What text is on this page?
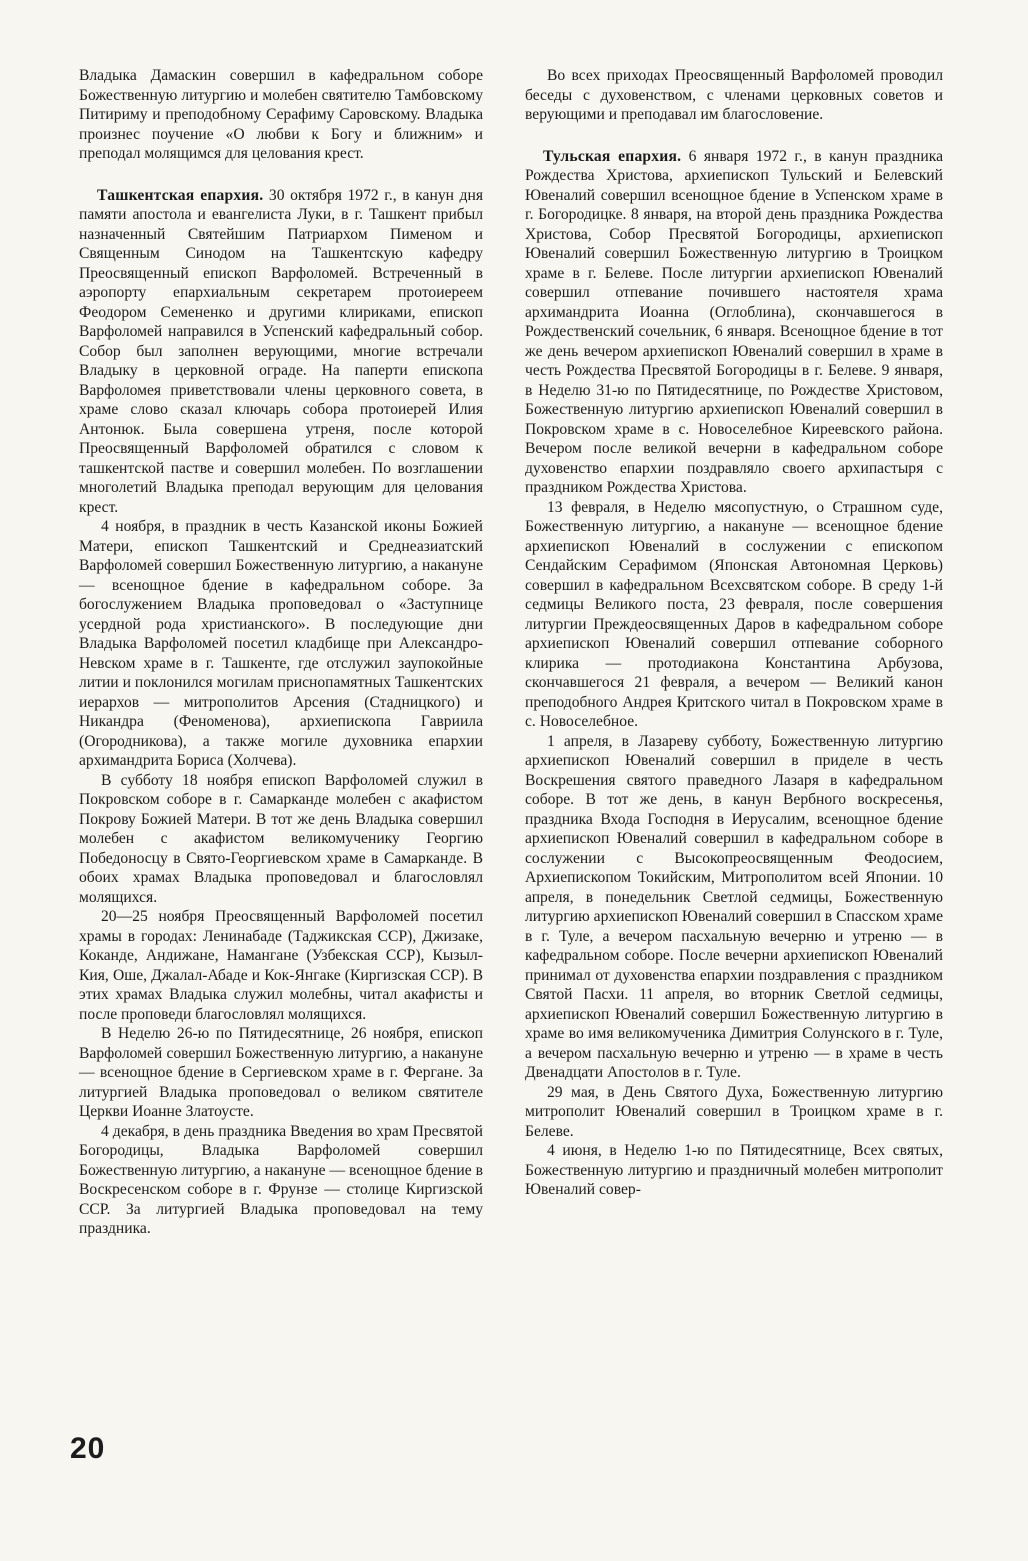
Владыка Дамаскин совершил в кафедральном соборе Божественную литургию и молебен святителю Тамбовскому Питириму и преподобному Серафиму Саровскому. Владыка произнес поучение «О любви к Богу и ближним» и преподал молящимся для целования крест.

Ташкентская епархия. 30 октября 1972 г., в канун дня памяти апостола и евангелиста Луки, в г. Ташкент прибыл назначенный Святейшим Патриархом Пименом и Священным Синодом на Ташкентскую кафедру Преосвященный епископ Варфоломей. Встреченный в аэропорту епархиальным секретарем протоиереем Феодором Семененко и другими клириками, епископ Варфоломей направился в Успенский кафедральный собор. Собор был заполнен верующими, многие встречали Владыку в церковной ограде. На паперти епископа Варфоломея приветствовали члены церковного совета, в храме слово сказал ключарь собора протоиерей Илия Антонюк. Была совершена утреня, после которой Преосвященный Варфоломей обратился с словом к ташкентской пастве и совершил молебен. По возглашении многолетий Владыка преподал верующим для целования крест.

4 ноября, в праздник в честь Казанской иконы Божией Матери, епископ Ташкентский и Среднеазиатский Варфоломей совершил Божественную литургию, а накануне — всенощное бдение в кафедральном соборе. За богослужением Владыка проповедовал о «Заступнице усердной рода христианского». В последующие дни Владыка Варфоломей посетил кладбище при Александро-Невском храме в г. Ташкенте, где отслужил заупокойные литии и поклонился могилам приснопамятных Ташкентских иерархов — митрополитов Арсения (Стадницкого) и Никандра (Феноменова), архиепископа Гавриила (Огородникова), а также могиле духовника епархии архимандрита Бориса (Холчева).

В субботу 18 ноября епископ Варфоломей служил в Покровском соборе в г. Самарканде молебен с акафистом Покрову Божией Матери. В тот же день Владыка совершил молебен с акафистом великомученику Георгию Победоносцу в Свято-Георгиевском храме в Самарканде. В обоих храмах Владыка проповедовал и благословлял молящихся.

20—25 ноября Преосвященный Варфоломей посетил храмы в городах: Ленинабаде (Таджикская ССР), Джизаке, Коканде, Андижане, Намангане (Узбекская ССР), Кызыл-Кия, Оше, Джалал-Абаде и Кок-Янгаке (Киргизская ССР). В этих храмах Владыка служил молебны, читал акафисты и после проповеди благословлял молящихся.

В Неделю 26-ю по Пятидесятнице, 26 ноября, епископ Варфоломей совершил Божественную литургию, а накануне — всенощное бдение в Сергиевском храме в г. Фергане. За литургией Владыка проповедовал о великом святителе Церкви Иоанне Златоусте.

4 декабря, в день праздника Введения во храм Пресвятой Богородицы, Владыка Варфоломей совершил Божественную литургию, а накануне — всенощное бдение в Воскресенском соборе в г. Фрунзе — столице Киргизской ССР. За литургией Владыка проповедовал на тему праздника.

Во всех приходах Преосвященный Варфоломей проводил беседы с духовенством, с членами церковных советов и верующими и преподавал им благословение.

Тульская епархия. 6 января 1972 г., в канун праздника Рождества Христова, архиепископ Тульский и Белевский Ювеналий совершил всенощное бдение в Успенском храме в г. Богородицке. 8 января, на второй день праздника Рождества Христова, Собор Пресвятой Богородицы, архиепископ Ювеналий совершил Божественную литургию в Троицком храме в г. Белеве. После литургии архиепископ Ювеналий совершил отпевание почившего настоятеля храма архимандрита Иоанна (Оглоблина), скончавшегося в Рождественский сочельник, 6 января. Всенощное бдение в тот же день вечером архиепископ Ювеналий совершил в храме в честь Рождества Пресвятой Богородицы в г. Белеве. 9 января, в Неделю 31-ю по Пятидесятнице, по Рождестве Христовом, Божественную литургию архиепископ Ювеналий совершил в Покровском храме в с. Новоселебное Киреевского района. Вечером после великой вечерни в кафедральном соборе духовенство епархии поздравляло своего архипастыря с праздником Рождества Христова.

13 февраля, в Неделю мясопустную, о Страшном суде, Божественную литургию, а накануне — всенощное бдение архиепископ Ювеналий в сослужении с епископом Сендайским Серафимом (Японская Автономная Церковь) совершил в кафедральном Всехсвятском соборе. В среду 1-й седмицы Великого поста, 23 февраля, после совершения литургии Преждеосвященных Даров в кафедральном соборе архиепископ Ювеналий совершил отпевание соборного клирика — протодиакона Константина Арбузова, скончавшегося 21 февраля, а вечером — Великий канон преподобного Андрея Критского читал в Покровском храме в с. Новоселебное.

1 апреля, в Лазареву субботу, Божественную литургию архиепископ Ювеналий совершил в приделе в честь Воскрешения святого праведного Лазаря в кафедральном соборе. В тот же день, в канун Вербного воскресенья, праздника Входа Господня в Иерусалим, всенощное бдение архиепископ Ювеналий совершил в кафедральном соборе в сослужении с Высокопреосвященным Феодосием, Архиепископом Токийским, Митрополитом всей Японии. 10 апреля, в понедельник Светлой седмицы, Божественную литургию архиепископ Ювеналий совершил в Спасском храме в г. Туле, а вечером пасхальную вечерню и утреню — в кафедральном соборе. После вечерни архиепископ Ювеналий принимал от духовенства епархии поздравления с праздником Святой Пасхи. 11 апреля, во вторник Светлой седмицы, архиепископ Ювеналий совершил Божественную литургию в храме во имя великомученика Димитрия Солунского в г. Туле, а вечером пасхальную вечерню и утреню — в храме в честь Двенадцати Апостолов в г. Туле.

29 мая, в День Святого Духа, Божественную литургию митрополит Ювеналий совершил в Троицком храме в г. Белеве.

4 июня, в Неделю 1-ю по Пятидесятнице, Всех святых, Божественную литургию и праздничный молебен митрополит Ювеналий совер-

20
